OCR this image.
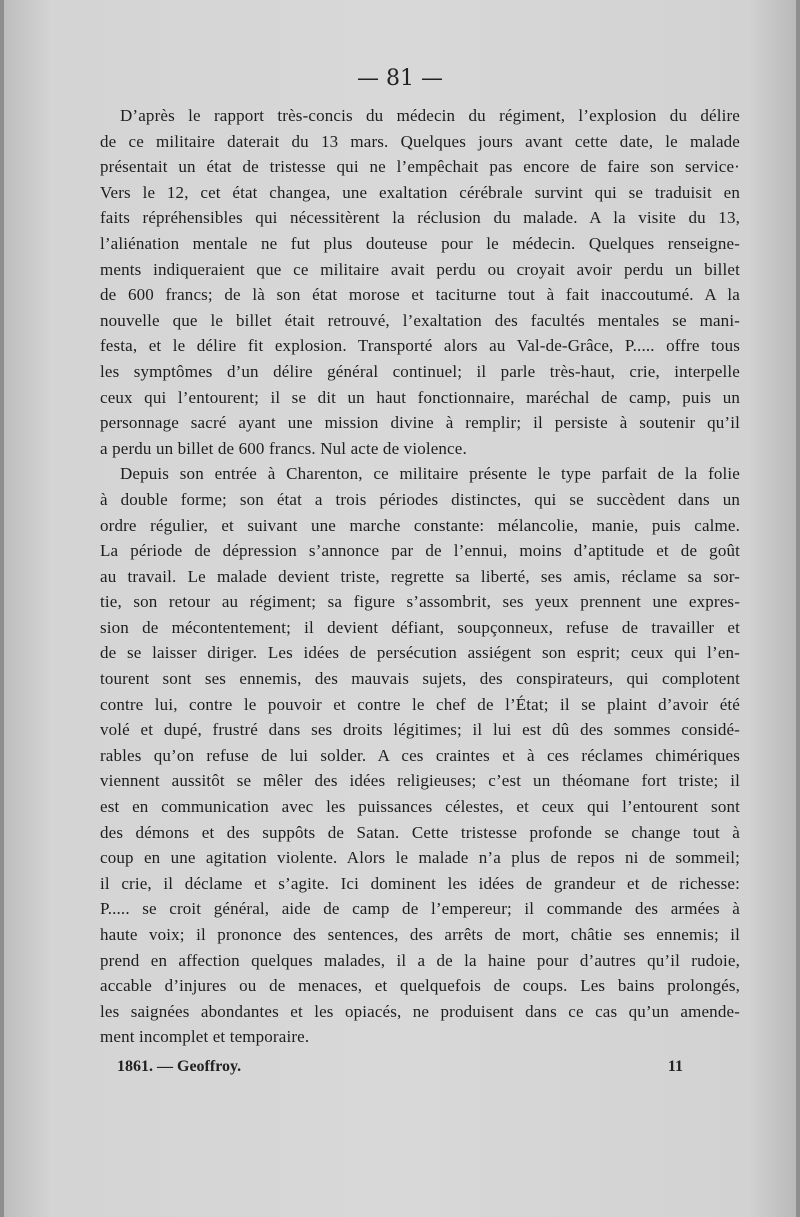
— 81 —

D’après le rapport très-concis du médecin du régiment, l’explosion du délire

de ce militaire daterait du 13 mars. Quelques jours avant cette date, le malade

présentait un état de tristesse qui ne l’empêchait pas encore de faire son service·

Vers le 12, cet état changea, une exaltation cérébrale survint qui se traduisit en

faits répréhensibles qui nécessitèrent la réclusion du malade. A la visite du 13,

l’aliénation mentale ne fut plus douteuse pour le médecin. Quelques renseigne-

ments indiqueraient que ce militaire avait perdu ou croyait avoir perdu un billet

de 600 francs; de là son état morose et taciturne tout à fait inaccoutumé. A la

nouvelle que le billet était retrouvé, l’exaltation des facultés mentales se mani-

festa, et le délire fit explosion. Transporté alors au Val-de-Grâce, P..... offre tous

les symptômes d’un délire général continuel; il parle très-haut, crie, interpelle

ceux qui l’entourent; il se dit un haut fonctionnaire, maréchal de camp, puis un

personnage sacré ayant une mission divine à remplir; il persiste à soutenir qu’il

a perdu un billet de 600 francs. Nul acte de violence.

Depuis son entrée à Charenton, ce militaire présente le type parfait de la folie

à double forme; son état a trois périodes distinctes, qui se succèdent dans un

ordre régulier, et suivant une marche constante: mélancolie, manie, puis calme.

La période de dépression s’annonce par de l’ennui, moins d’aptitude et de goût

au travail. Le malade devient triste, regrette sa liberté, ses amis, réclame sa sor-

tie, son retour au régiment; sa figure s’assombrit, ses yeux prennent une expres-

sion de mécontentement; il devient défiant, soupçonneux, refuse de travailler et

de se laisser diriger. Les idées de persécution assiégent son esprit; ceux qui l’en-

tourent sont ses ennemis, des mauvais sujets, des conspirateurs, qui complotent

contre lui, contre le pouvoir et contre le chef de l’État; il se plaint d’avoir été

volé et dupé, frustré dans ses droits légitimes; il lui est dû des sommes considé-

rables qu’on refuse de lui solder. A ces craintes et à ces réclames chimériques

viennent aussitôt se mêler des idées religieuses; c’est un théomane fort triste; il

est en communication avec les puissances célestes, et ceux qui l’entourent sont

des démons et des suppôts de Satan. Cette tristesse profonde se change tout à

coup en une agitation violente. Alors le malade n’a plus de repos ni de sommeil;

il crie, il déclame et s’agite. Ici dominent les idées de grandeur et de richesse:

P..... se croit général, aide de camp de l’empereur; il commande des armées à

haute voix; il prononce des sentences, des arrêts de mort, châtie ses ennemis; il

prend en affection quelques malades, il a de la haine pour d’autres qu’il rudoie,

accable d’injures ou de menaces, et quelquefois de coups. Les bains prolongés,

les saignées abondantes et les opiacés, ne produisent dans ce cas qu’un amende-

ment incomplet et temporaire.

1861. — Geoffroy.	11
